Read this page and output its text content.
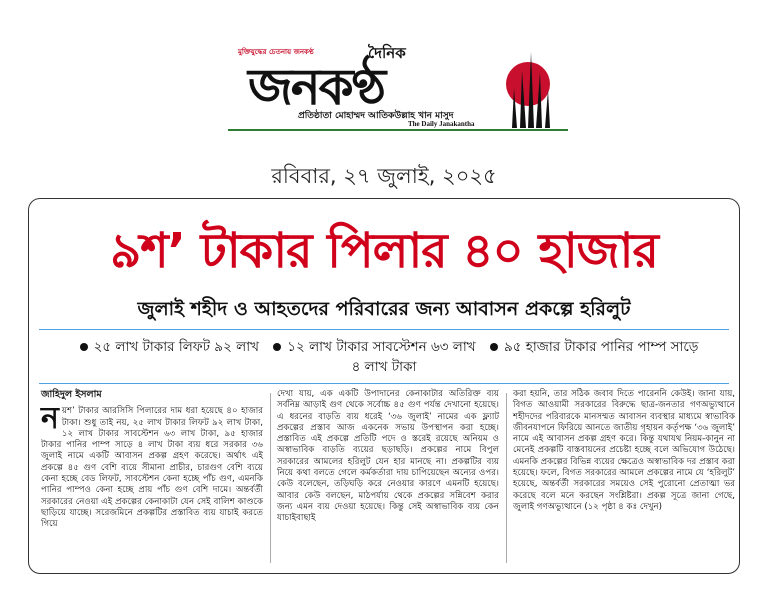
মুক্তিযুদ্ধের চেতনায় জনকণ্ঠ	দৈনিক
জনকণ্ঠ
প্রতিষ্ঠাতা মোহাম্মদ আতিকউল্লাহ খান মাসুদ
The Daily Janakantha
রবিবার, ২৭ জুলাই, ২০২৫
৯শ’ টাকার পিলার ৪০ হাজার
জুলাই শহীদ ও আহতদের পরিবারের জন্য আবাসন প্রকল্পে হরিলুট
২৫ লাখ টাকার লিফট ৯২ লাখ ১২ লাখ টাকার সাবস্টেশন ৬৩ লাখ ৯৫ হাজার টাকার পানির পাম্প সাড়ে ৪ লাখ টাকা
জাহিদুল ইসলাম
ন য়শ’ টাকার আরসিসি পিলারের দাম ধরা হয়েছে ৪০ হাজার টাকা। শুধু তাই নয়, ২৫ লাখ টাকার লিফট ৯২ লাখ টাকা, ১২ লাখ টাকার সাবস্টেশন ৬৩ লাখ টাকা, ৯৫ হাজার টাকার পানির পাম্প সাড়ে ৪ লাখ টাকা ব্যয় ধরে সরকার ৩৬ জুলাই নামে একটি আবাসন প্রকল্প গ্রহণ করেছে। অর্থাৎ এই প্রকল্পে ৪৫ গুণ বেশি ব্যয়ে সীমানা প্রাচীর, চারগুণ বেশি ব্যয়ে কেনা হচ্ছে বেড লিফট, সাবস্টেশন কেনা হচ্ছে পাঁচ গুণ, এমনকি পানির পাম্পও কেনা হচ্ছে প্রায় পাঁচ গুণ বেশি দামে। অন্তর্বর্তী সরকারের নেওয়া এই প্রকল্পের কেনাকাটা যেন সেই বালিশ কাণ্ডকে ছাড়িয়ে যাচ্ছে। সরেজমিনে প্রকল্পটির প্রস্তাবিত ব্যয় যাচাই করতে গিয়ে
দেখা যায়, এক একটি উপাদানের কেনাকাটার অতিরিক্ত ব্যয় সর্বনিম্ন আড়াই গুণ থেকে সর্বোচ্চ ৪৫ গুণ পর্যন্ত দেখানো হয়েছে। এ ধরনের বাড়তি ব্যয় ধরেই ‘৩৬ জুলাই’ নামের এক ফ্ল্যাট প্রকল্পের প্রস্তাব আজ একনেক সভায় উপস্থাপন করা হচ্ছে। প্রস্তাবিত এই প্রকল্পে প্রতিটি পদে ও স্তরেই রয়েছে অনিয়ম ও অস্বাভাবিক বাড়তি ব্যয়ের ছড়াছড়ি। প্রকল্পের নামে বিপুল সরকারের আমলের হরিলুট যেন হার মানছে না। প্রকল্পটির ব্যয় নিয়ে কথা বলতে গেলে কর্মকর্তারা দায় চাপিয়েছেন অন্যের ওপর। কেউ বলেছেন, তড়িঘড়ি করে নেওয়ার কারণে এমনটি হয়েছে। আবার কেউ বলছেন, মাঠপর্যায় থেকে প্রকল্পের সন্নিবেশ করার জন্য এমন ব্যয় দেওয়া হয়েছে। কিন্তু সেই অস্বাভাবিক ব্যয় কেন যাচাইবাছাই
করা হয়নি, তার সঠিক জবাব দিতে পারেননি কেউই। জানা যায়, বিগত আওয়ামী সরকারের বিরুদ্ধে ছাত্র-জনতার গণঅভ্যুত্থানে শহীদদের পরিবারকে মানসম্মত আবাসন ব্যবস্থার মাধ্যমে স্বাভাবিক জীবনযাপনে ফিরিয়ে আনতে জাতীয় গৃহায়ন কর্তৃপক্ষ ‘৩৬ জুলাই’ নামে এই আবাসন প্রকল্প গ্রহণ করে। কিন্তু যথাযথ নিয়ম-কানুন না মেনেই প্রকল্পটি বাস্তবায়নের প্রচেষ্টা হচ্ছে বলে অভিযোগ উঠেছে। এমনকি প্রকল্পের বিভিন্ন ব্যয়ের ক্ষেত্রেও অস্বাভাবিক দর প্রস্তাব করা হয়েছে। ফলে, বিগত সরকারের আমলে প্রকল্পের নামে যে ‘হরিলুট’ হয়েছে, অন্তর্বর্তী সরকারের সময়েও সেই পুরোনো প্রেতাত্মা ভর করেছে বলে মনে করছেন সংশ্লিষ্টরা। প্রকল্প সূত্রে জানা গেছে, জুলাই গণঅভ্যুত্থানে (১২ পৃষ্ঠা ৪ কঃ দেখুন)
